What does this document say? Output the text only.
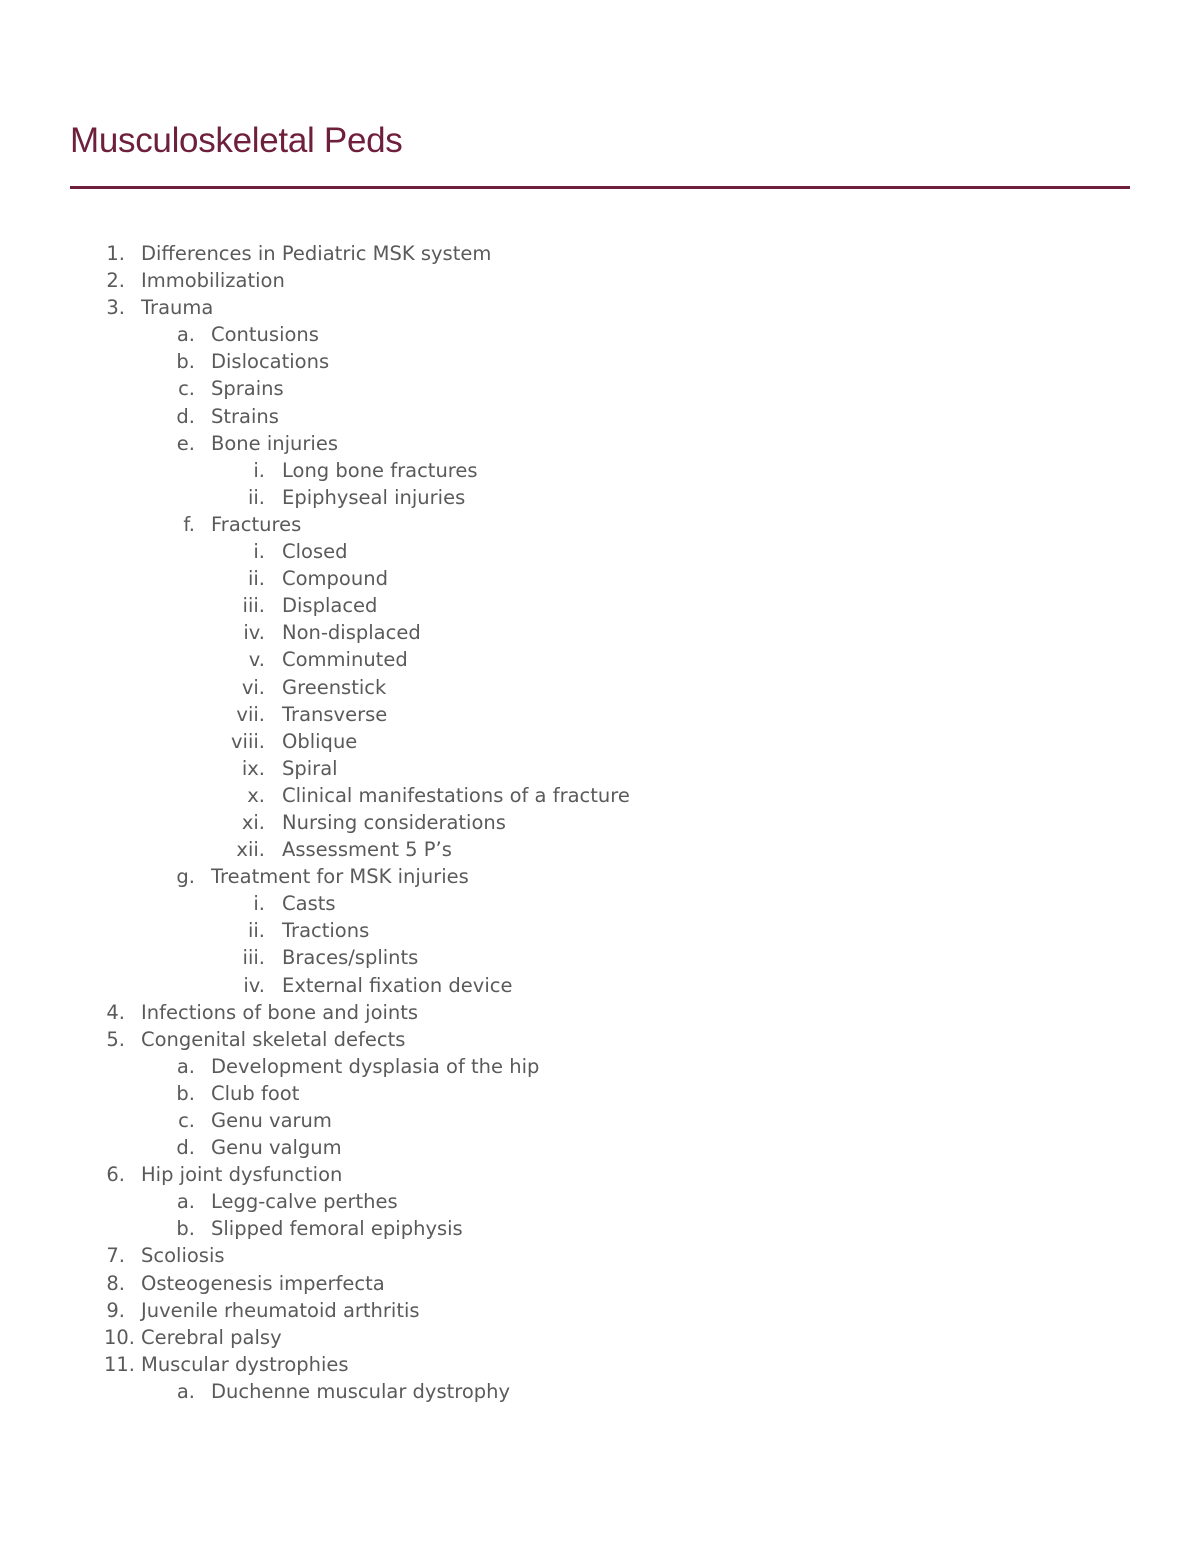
Musculoskeletal Peds
1. Differences in Pediatric MSK system
2. Immobilization
3. Trauma
a. Contusions
b. Dislocations
c. Sprains
d. Strains
e. Bone injuries
i. Long bone fractures
ii. Epiphyseal injuries
f. Fractures
i. Closed
ii. Compound
iii. Displaced
iv. Non-displaced
v. Comminuted
vi. Greenstick
vii. Transverse
viii. Oblique
ix. Spiral
x. Clinical manifestations of a fracture
xi. Nursing considerations
xii. Assessment 5 P’s
g. Treatment for MSK injuries
i. Casts
ii. Tractions
iii. Braces/splints
iv. External fixation device
4. Infections of bone and joints
5. Congenital skeletal defects
a. Development dysplasia of the hip
b. Club foot
c. Genu varum
d. Genu valgum
6. Hip joint dysfunction
a. Legg-calve perthes
b. Slipped femoral epiphysis
7. Scoliosis
8. Osteogenesis imperfecta
9. Juvenile rheumatoid arthritis
10. Cerebral palsy
11. Muscular dystrophies
a. Duchenne muscular dystrophy
